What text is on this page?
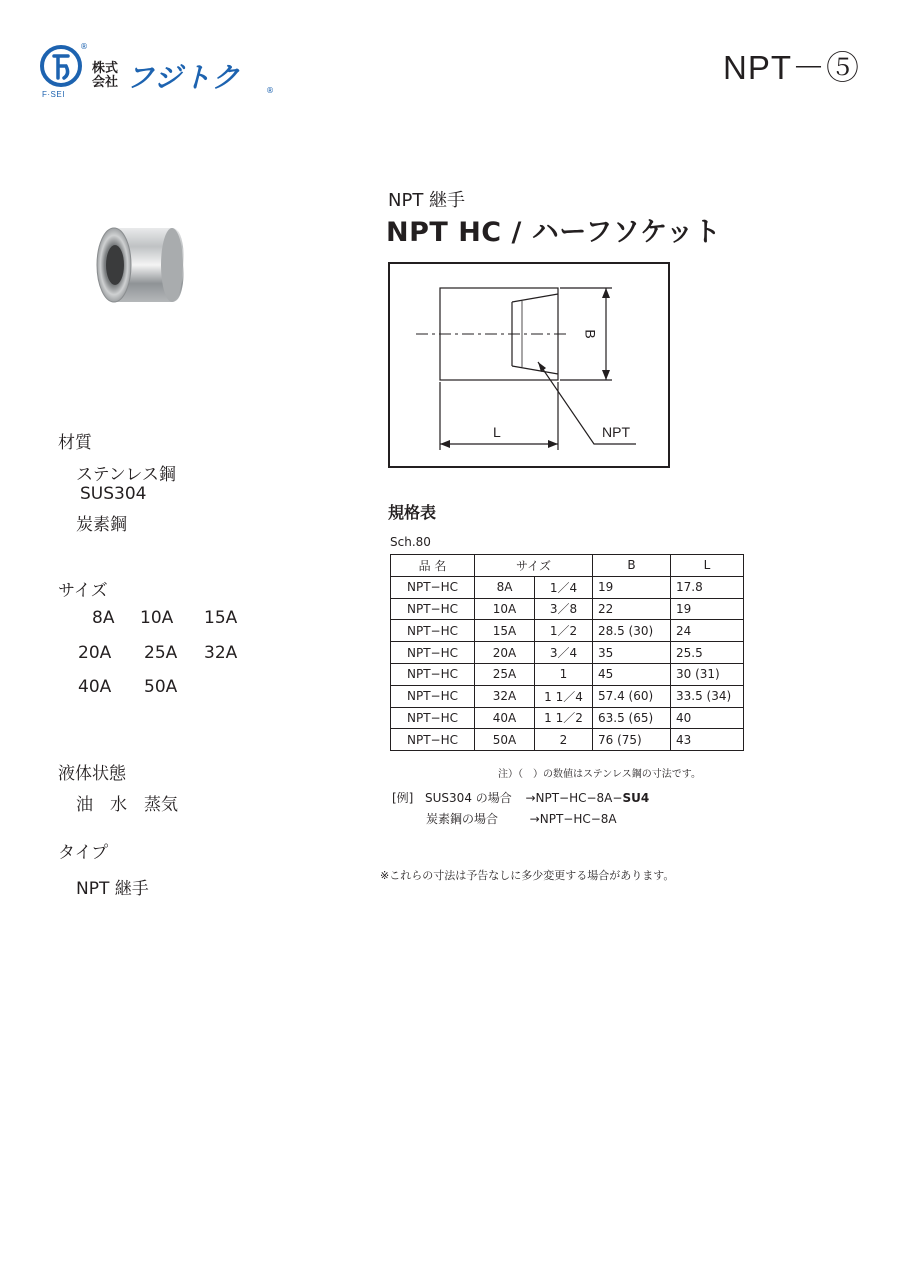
F·SEI
®
株式会社 フジトク	®
NPT－⑤
材質
ステンレス鋼
SUS304
炭素鋼
サイズ
8A 10A 15A
20A 25A 32A
40A 50A
液体状態
油　水　蒸気
タイプ
NPT 継手
NPT 継手
NPT HC / ハーフソケット
B
L	NPT
規格表
Sch.80
品 名	サイズ		B	L
NPT−HC	8A	1／4	19	17.8
NPT−HC	10A	3／8	22	19
NPT−HC	15A	1／2	28.5 (30)	24
NPT−HC	20A	3／4	35	25.5
NPT−HC	25A	1	45	30 (31)
NPT−HC	32A	1 1／4	57.4 (60)	33.5 (34)
NPT−HC	40A	1 1／2	63.5 (65)	40
NPT−HC	50A	2	76 (75)	43
注）（　）の数値はステンレス鋼の寸法です。
[例] SUS304 の場合 →NPT−HC−8A−SU4
炭素鋼の場合	→NPT−HC−8A
※これらの寸法は予告なしに多少変更する場合があります。
